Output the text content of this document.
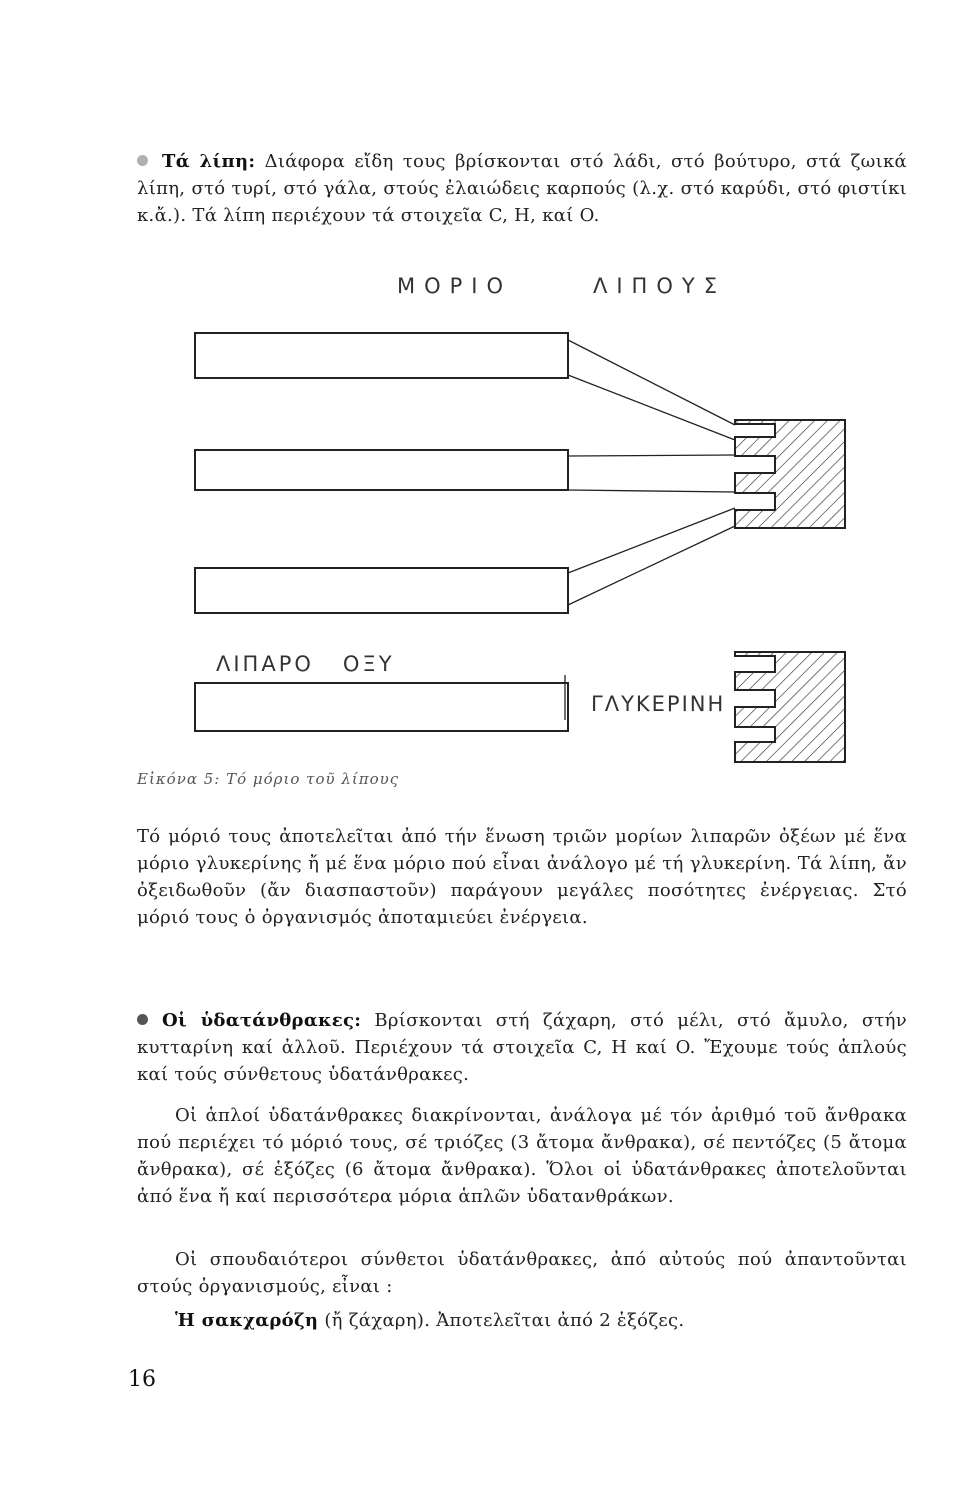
Τά λίπη: Διάφορα εἴδη τους βρίσκονται στό λάδι, στό βούτυρο, στά ζωικά λίπη, στό τυρί, στό γάλα, στούς ἐλαιώδεις καρπούς (λ.χ. στό καρύδι, στό φιστίκι κ.ἄ.). Τά λίπη περιέχουν τά στοιχεῖα C, H, καί O.
ΜΟΡΙΟ	ΛΙΠΟΥΣ
ΛΙΠΑΡΟ   ΟΞΥ
ΓΛΥΚΕΡΙΝΗ
Εἰκόνα 5: Τό μόριο τοῦ λίπους
Τό μόριό τους ἀποτελεῖται ἀπό τήν ἕνωση τριῶν μορίων λιπαρῶν ὀξέων μέ ἕνα μόριο γλυκερίνης ἤ μέ ἕνα μόριο πού εἶναι ἀνάλογο μέ τή γλυκερίνη. Τά λίπη, ἄν ὀξειδωθοῦν (ἄν διασπαστοῦν) παράγουν μεγάλες ποσότητες ἐνέργειας. Στό μόριό τους ὁ ὀργανισμός ἀποταμιεύει ἐνέργεια.
Οἱ ὑδατάνθρακες: Βρίσκονται στή ζάχαρη, στό μέλι, στό ἄμυλο, στήν κυτταρίνη καί ἀλλοῦ. Περιέχουν τά στοιχεῖα C, H καί O. Ἔχουμε τούς ἁπλούς καί τούς σύνθετους ὑδατάνθρακες.
Οἱ ἁπλοί ὑδατάνθρακες διακρίνονται, ἀνάλογα μέ τόν ἀριθμό τοῦ ἄνθρακα πού περιέχει τό μόριό τους, σέ τριόζες (3 ἄτομα ἄνθρακα), σέ πεντόζες (5 ἄτομα ἄνθρακα), σέ ἑξόζες (6 ἄτομα ἄνθρακα). Ὅλοι οἱ ὑδατάνθρακες ἀποτελοῦνται ἀπό ἕνα ἤ καί περισσότερα μόρια ἁπλῶν ὑδατανθράκων.
Οἱ σπουδαιότεροι σύνθετοι ὑδατάνθρακες, ἀπό αὐτούς πού ἀπαντοῦνται στούς ὀργανισμούς, εἶναι :
Ἡ σακχαρόζη (ἤ ζάχαρη). Ἀποτελεῖται ἀπό 2 ἑξόζες.
16
